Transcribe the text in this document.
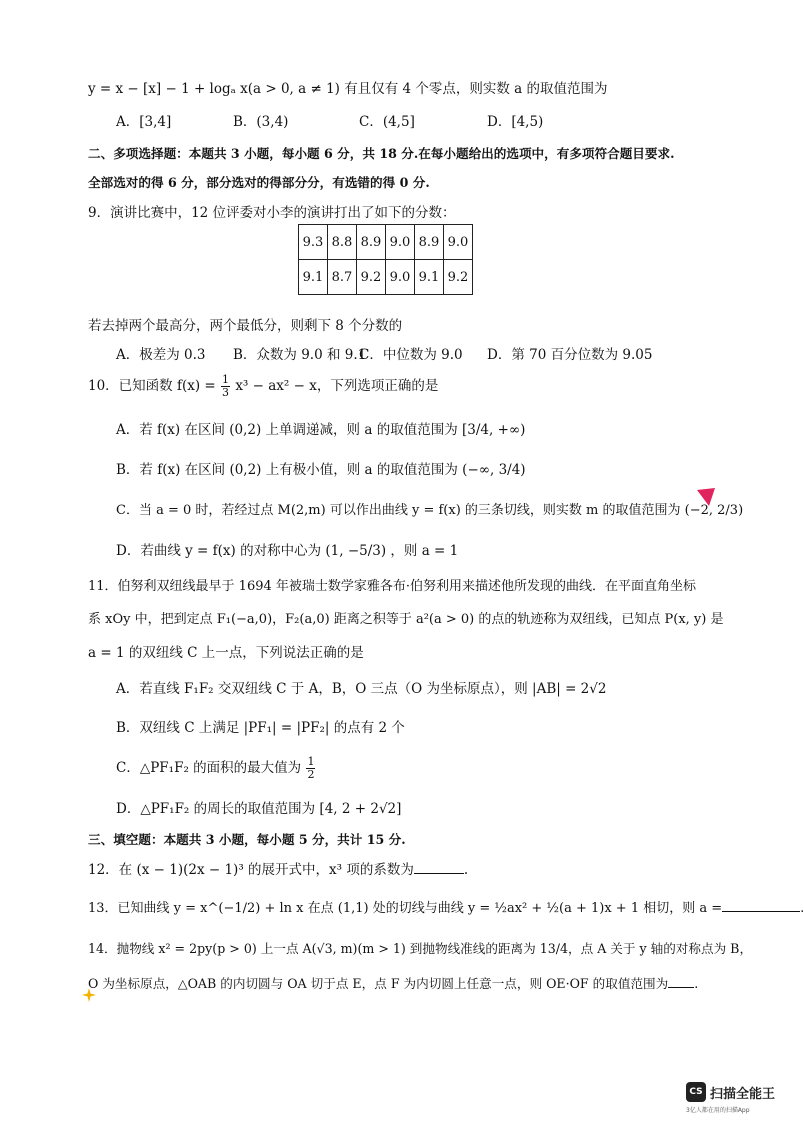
y = x − [x] − 1 + logₐ x(a > 0, a ≠ 1) 有且仅有 4 个零点，则实数 a 的取值范围为
A．[3,4]	B．(3,4)	C．(4,5]	D．[4,5)
二、多项选择题：本题共 3 小题，每小题 6 分，共 18 分.在每小题给出的选项中，有多项符合题目要求.
全部选对的得 6 分，部分选对的得部分分，有选错的得 0 分.
9．演讲比赛中，12 位评委对小李的演讲打出了如下的分数：
9.3	8.8	8.9	9.0	8.9	9.0
9.1	8.7	9.2	9.0	9.1	9.2
若去掉两个最高分，两个最低分，则剩下 8 个分数的
A．极差为 0.3 B．众数为 9.0 和 9.1
C．中位数为 9.0 D．第 70 百分位数为 9.05
10．已知函数 $f(x) = \frac{1}{3} x^3 - ax^2 - x$，下列选项正确的是
A．若 f(x) 在区间 (0,2) 上单调递减，则 a 的取值范围为 [3/4, +∞)
B．若 f(x) 在区间 (0,2) 上有极小值，则 a 的取值范围为 (−∞, 3/4)
C．当 a = 0 时，若经过点 M(2,m) 可以作出曲线 y = f(x) 的三条切线，则实数 m 的取值范围为 (−2, 2/3)
D．若曲线 y = f(x) 的对称中心为 (1, −5/3) ，则 a = 1
11．伯努利双纽线最早于 1694 年被瑞士数学家雅各布·伯努利用来描述他所发现的曲线．在平面直角坐标
系 xOy 中，把到定点 F₁(−a,0)，F₂(a,0) 距离之积等于 a²(a > 0) 的点的轨迹称为双纽线，已知点 P(x, y) 是
a = 1 的双纽线 C 上一点，下列说法正确的是
A．若直线 F₁F₂ 交双纽线 C 于 A，B，O 三点（O 为坐标原点），则 |AB| = 2√2
B．双纽线 C 上满足 |PF₁| = |PF₂| 的点有 2 个
C．△PF₁F₂ 的面积的最大值为 $\frac{1}{2}$
D．△PF₁F₂ 的周长的取值范围为 [4, 2 + 2√2]
三、填空题：本题共 3 小题，每小题 5 分，共计 15 分.
12．在 (x − 1)(2x − 1)³ 的展开式中，x³ 项的系数为	.
13．已知曲线 y = x^(−1/2) + ln x 在点 (1,1) 处的切线与曲线 y = ½ax² + ½(a + 1)x + 1 相切，则 a =	.
14．抛物线 x² = 2py(p > 0) 上一点 A(√3, m)(m > 1) 到抛物线准线的距离为 13/4，点 A 关于 y 轴的对称点为 B，
O 为坐标原点，△OAB 的内切圆与 OA 切于点 E，点 F 为内切圆上任意一点，则 OE·OF 的取值范围为 .
CS 扫描全能王
3亿人都在用的扫描App
